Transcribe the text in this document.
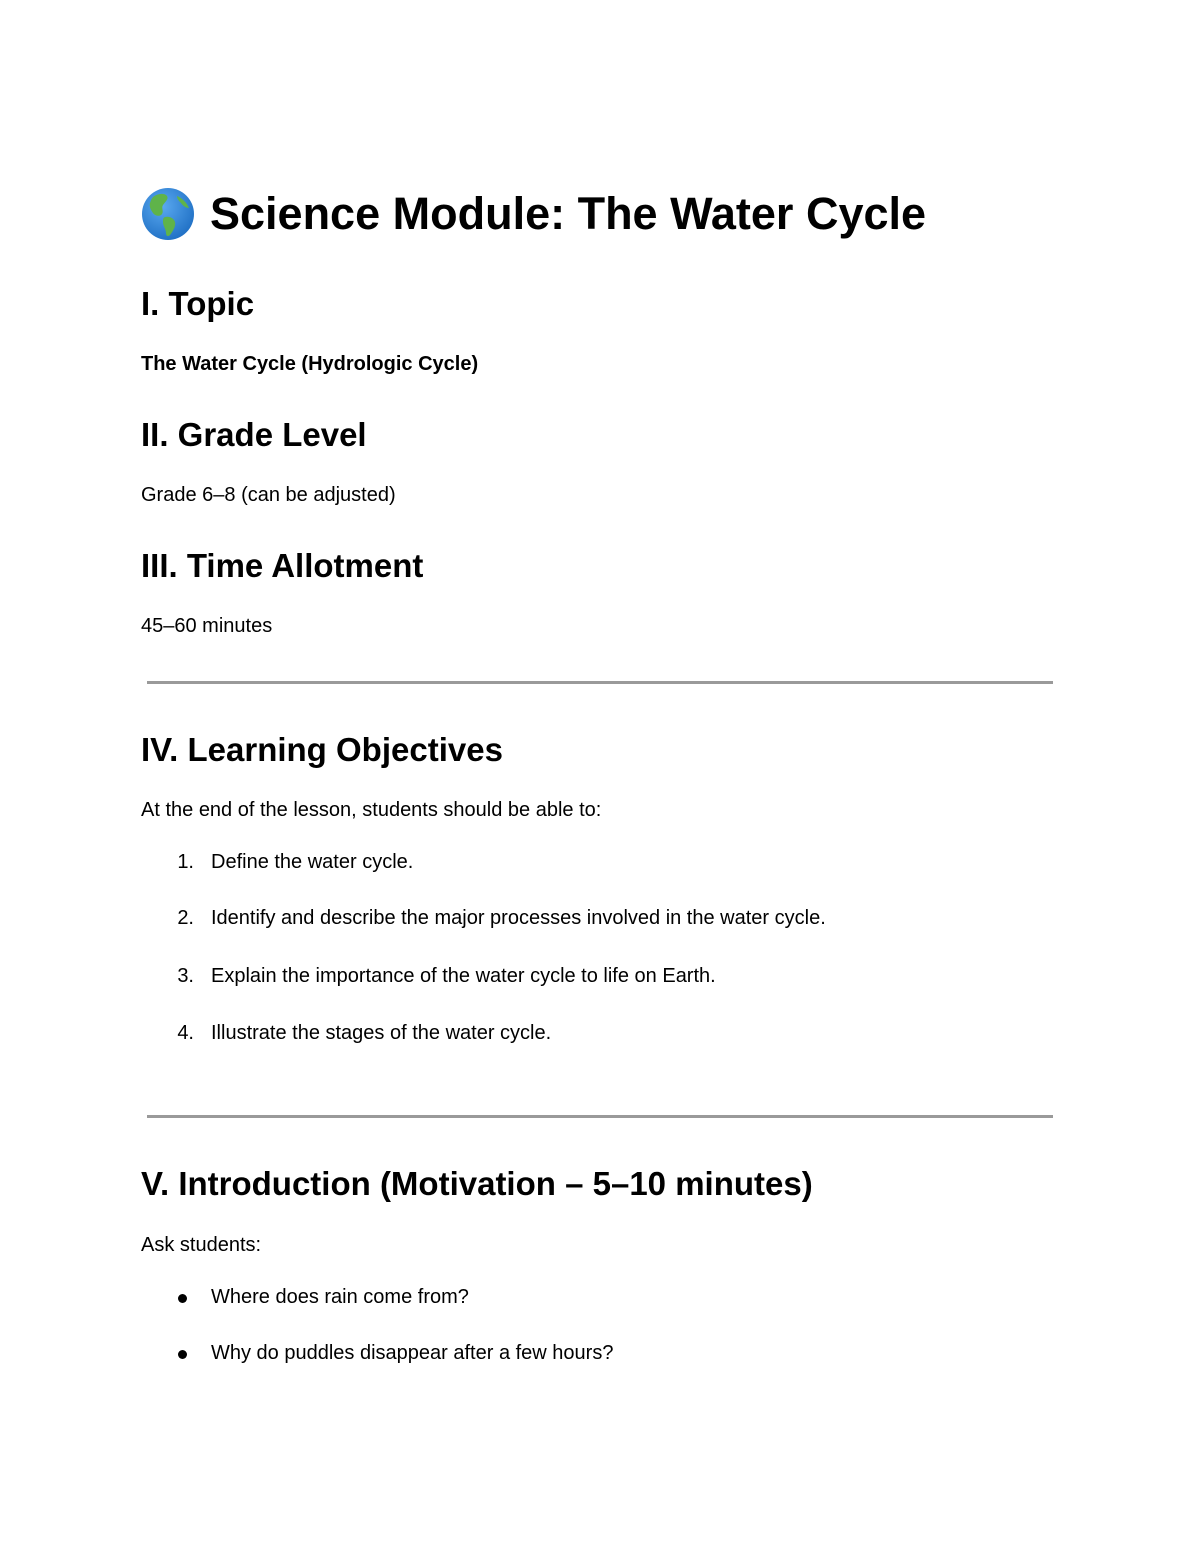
Science Module: The Water Cycle
I. Topic
The Water Cycle (Hydrologic Cycle)
II. Grade Level
Grade 6–8 (can be adjusted)
III. Time Allotment
45–60 minutes
IV. Learning Objectives
At the end of the lesson, students should be able to:
1. Define the water cycle.
2. Identify and describe the major processes involved in the water cycle.
3. Explain the importance of the water cycle to life on Earth.
4. Illustrate the stages of the water cycle.
V. Introduction (Motivation – 5–10 minutes)
Ask students:
Where does rain come from?
Why do puddles disappear after a few hours?
